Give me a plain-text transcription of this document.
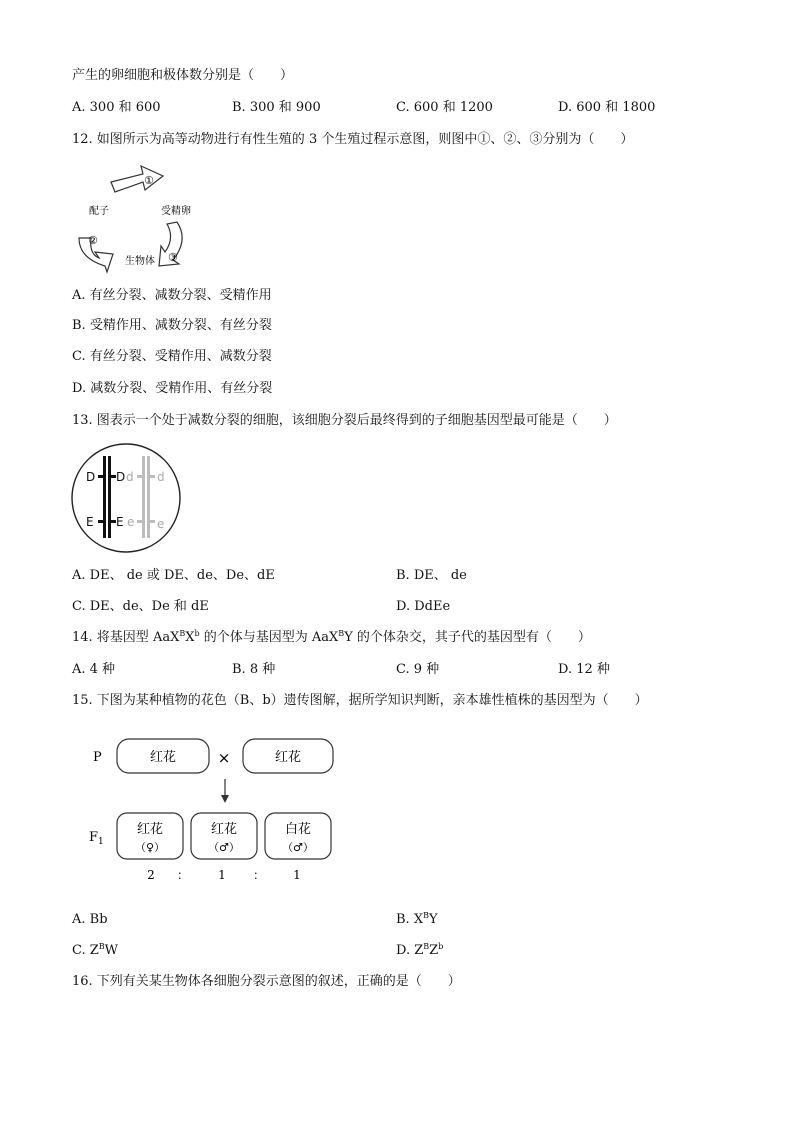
产生的卵细胞和极体数分别是（　　）
A. 300 和 600	B. 300 和 900	C. 600 和 1200	D. 600 和 1800
12. 如图所示为高等动物进行有性生殖的 3 个生殖过程示意图，则图中①、②、③分别为（　　）
①
②
③
配子	受精卵
生物体
A. 有丝分裂、减数分裂、受精作用
B. 受精作用、减数分裂、有丝分裂
C. 有丝分裂、受精作用、减数分裂
D. 减数分裂、受精作用、有丝分裂
13. 图表示一个处于减数分裂的细胞，该细胞分裂后最终得到的子细胞基因型最可能是（　　）
D D d d
E E e e
A. DE、 de 或 DE、de、De、dE	B. DE、 de
C. DE、de、De 和 dE	D. DdEe
14. 将基因型 $AaX^BX^b$ 的个体与基因型为 AaX$^B$Y 的个体杂交，其子代的基因型有（　　）
A. 4 种	B. 8 种	C. 9 种	D. 12 种
15. 下图为某种植物的花色（B、b）遗传图解，据所学知识判断，亲本雄性植株的基因型为（　　）
P	红花	×	红花
$F_1$
红花
（♀）
红花
（♂）
白花
（♂）
2 ： 1 ： 1
A. Bb	B. $X^BY$
C. $Z^BW$	D. $Z^BZ^b$
16. 下列有关某生物体各细胞分裂示意图的叙述，正确的是（　　）
